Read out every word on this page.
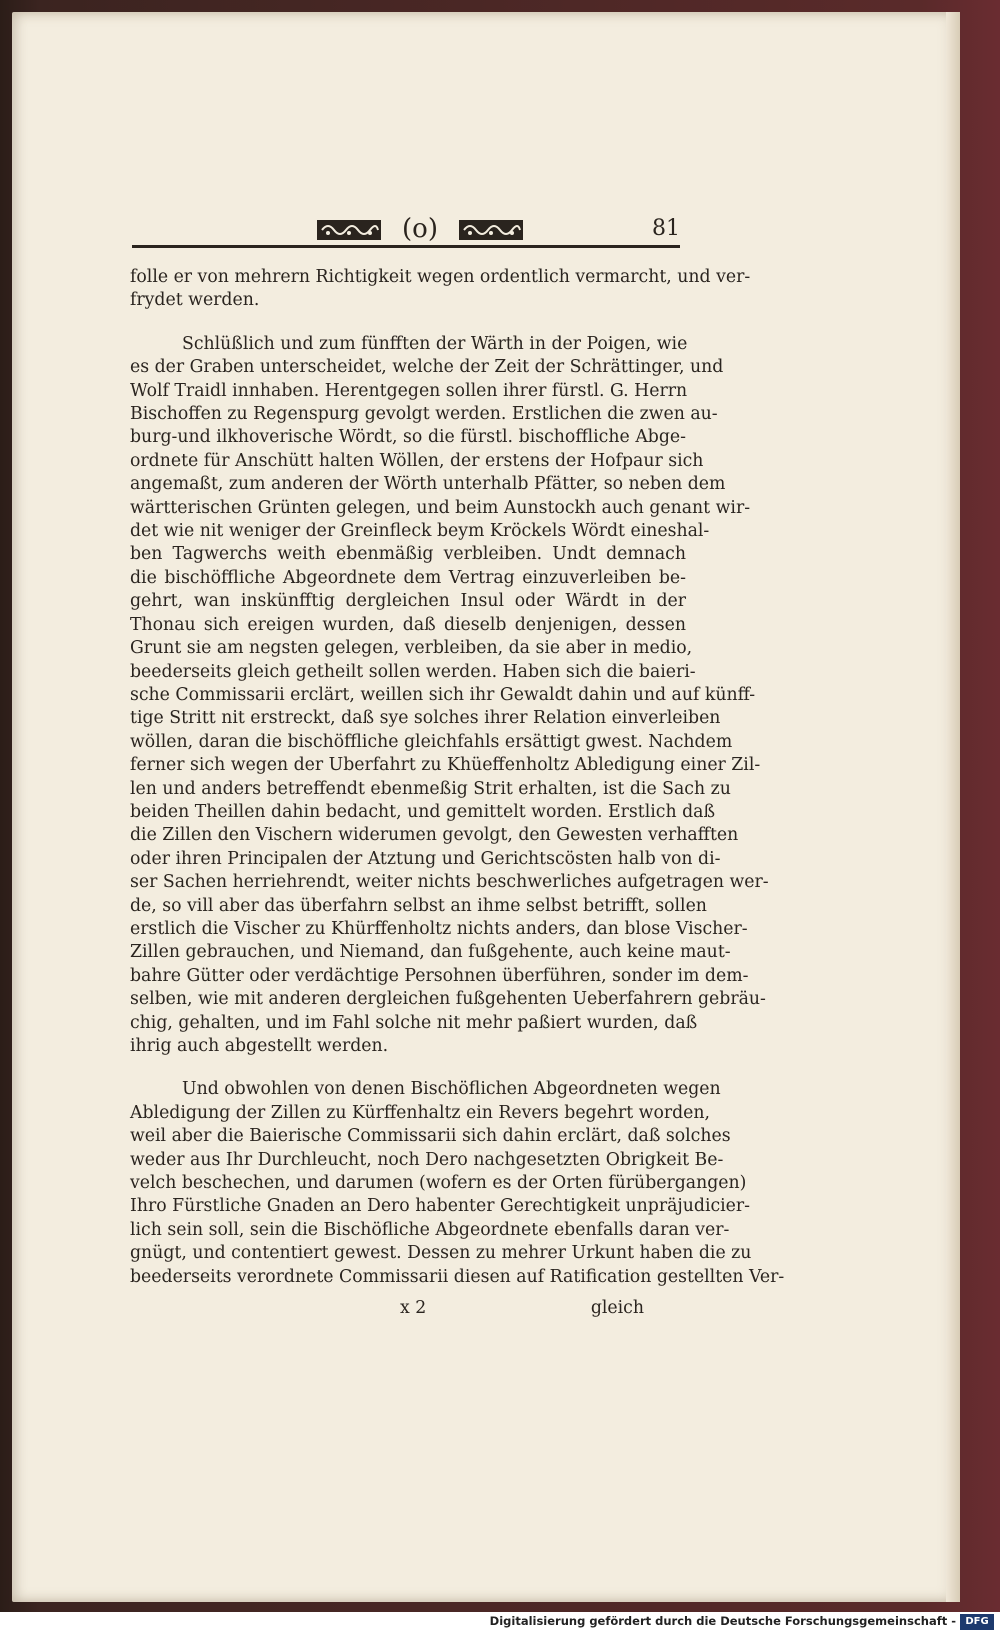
(o)	81
folle er von mehrern Richtigkeit wegen ordentlich vermarcht, und ver-
frydet werden.
Schlüßlich und zum fünfften der Wärth in der Poigen, wie
es der Graben unterscheidet, welche der Zeit der Schrättinger, und
Wolf Traidl innhaben. Herentgegen sollen ihrer fürstl. G. Herrn
Bischoffen zu Regenspurg gevolgt werden. Erstlichen die zwen au-
burg-und ilkhoverische Wördt, so die fürstl. bischoffliche Abge-
ordnete für Anschütt halten Wöllen, der erstens der Hofpaur sich
angemaßt, zum anderen der Wörth unterhalb Pfätter, so neben dem
wärtterischen Grünten gelegen, und beim Aunstockh auch genant wir-
det wie nit weniger der Greinfleck beym Kröckels Wördt eineshal-
ben Tagwerchs weith ebenmäßig verbleiben. Undt demnach
die bischöffliche Abgeordnete dem Vertrag einzuverleiben be-
gehrt, wan inskünfftig dergleichen Insul oder Wärdt in der
Thonau sich ereigen wurden, daß dieselb denjenigen, dessen
Grunt sie am negsten gelegen, verbleiben, da sie aber in medio,
beederseits gleich getheilt sollen werden. Haben sich die baieri-
sche Commissarii erclärt, weillen sich ihr Gewaldt dahin und auf künff-
tige Stritt nit erstreckt, daß sye solches ihrer Relation einverleiben
wöllen, daran die bischöffliche gleichfahls ersättigt gwest. Nachdem
ferner sich wegen der Uberfahrt zu Khüeffenholtz Abledigung einer Zil-
len und anders betreffendt ebenmeßig Strit erhalten, ist die Sach zu
beiden Theillen dahin bedacht, und gemittelt worden. Erstlich daß
die Zillen den Vischern widerumen gevolgt, den Gewesten verhafften
oder ihren Principalen der Atztung und Gerichtscösten halb von di-
ser Sachen herriehrendt, weiter nichts beschwerliches aufgetragen wer-
de, so vill aber das überfahrn selbst an ihme selbst betrifft, sollen
erstlich die Vischer zu Khürffenholtz nichts anders, dan blose Vischer-
Zillen gebrauchen, und Niemand, dan fußgehente, auch keine maut-
bahre Gütter oder verdächtige Persohnen überführen, sonder im dem-
selben, wie mit anderen dergleichen fußgehenten Ueberfahrern gebräu-
chig, gehalten, und im Fahl solche nit mehr paßiert wurden, daß
ihrig auch abgestellt werden.
Und obwohlen von denen Bischöflichen Abgeordneten wegen
Abledigung der Zillen zu Kürffenhaltz ein Revers begehrt worden,
weil aber die Baierische Commissarii sich dahin erclärt, daß solches
weder aus Ihr Durchleucht, noch Dero nachgesetzten Obrigkeit Be-
velch beschechen, und darumen (wofern es der Orten fürübergangen)
Ihro Fürstliche Gnaden an Dero habenter Gerechtigkeit unpräjudicier-
lich sein soll, sein die Bischöfliche Abgeordnete ebenfalls daran ver-
gnügt, und contentiert gewest. Dessen zu mehrer Urkunt haben die zu
beederseits verordnete Commissarii diesen auf Ratification gestellten Ver-
x 2	gleich
Digitalisierung gefördert durch die Deutsche Forschungsgemeinschaft - DFG
